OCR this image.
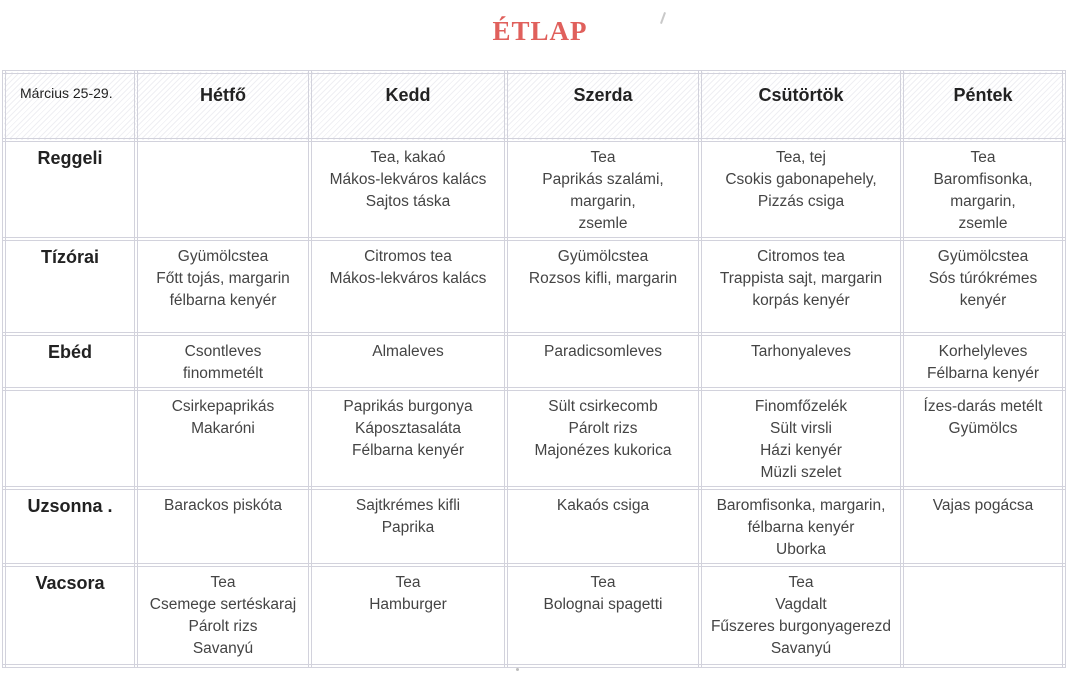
ÉTLAP
Március 25-29.	Hétfő	Kedd	Szerda	Csütörtök	Péntek
Reggeli		Tea, kakaó
Mákos-lekváros kalács
Sajtos táska	Tea
Paprikás szalámi,
margarin,
zsemle	Tea, tej
Csokis gabonapehely,
Pizzás csiga	Tea
Baromfisonka,
margarin,
zsemle
Tízórai	Gyümölcstea
Főtt tojás, margarin
félbarna kenyér	Citromos tea
Mákos-lekváros kalács	Gyümölcstea
Rozsos kifli, margarin	Citromos tea
Trappista sajt, margarin
korpás kenyér	Gyümölcstea
Sós túrókrémes
kenyér
Ebéd	Csontleves
finommetélt	Almaleves	Paradicsomleves	Tarhonyaleves	Korhelyleves
Félbarna kenyér
	Csirkepaprikás
Makaróni	Paprikás burgonya
Káposztasaláta
Félbarna kenyér	Sült csirkecomb
Párolt rizs
Majonézes kukorica	Finomfőzelék
Sült virsli
Házi kenyér
Müzli szelet	Ízes-darás metélt
Gyümölcs
Uzsonna .	Barackos piskóta	Sajtkrémes kifli
Paprika	Kakaós csiga	Baromfisonka, margarin,
félbarna kenyér
Uborka	Vajas pogácsa
Vacsora	Tea
Csemege sertéskaraj
Párolt rizs
Savanyú	Tea
Hamburger	Tea
Bolognai spagetti	Tea
Vagdalt
Fűszeres burgonyagerezd
Savanyú	
